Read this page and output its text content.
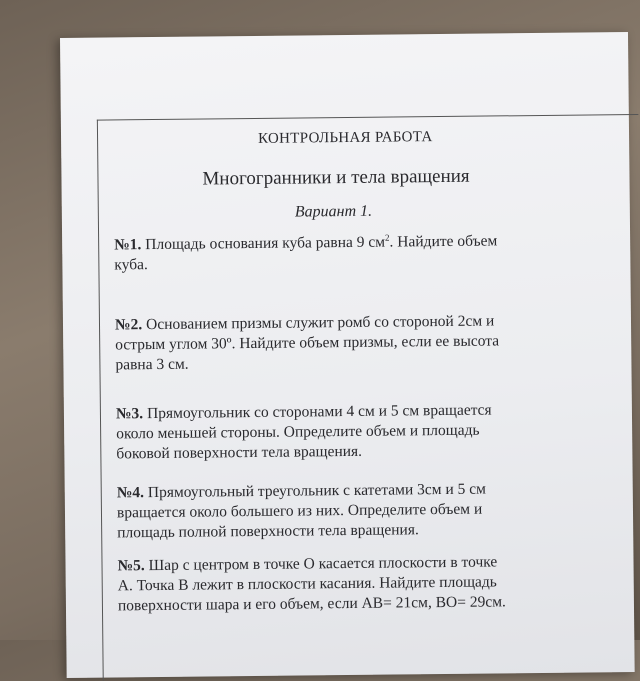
КОНТРОЛЬНАЯ РАБОТА
Многогранники и тела вращения
Вариант 1.
№1. Площадь основания куба равна 9 $см^2$. Найдите объем
куба.
№2. Основанием призмы служит ромб со стороной 2см и
острым углом 30º. Найдите объем призмы, если ее высота
равна 3 см.
№3. Прямоугольник со сторонами 4 см и 5 см вращается
около меньшей стороны. Определите объем и площадь
боковой поверхности тела вращения.
№4. Прямоугольный треугольник с катетами 3см и 5 см
вращается около большего из них. Определите объем и
площадь полной поверхности тела вращения.
№5. Шар с центром в точке О касается плоскости в точке
А. Точка В лежит в плоскости касания. Найдите площадь
поверхности шара и его объем, если АВ= 21см, ВО= 29см.
